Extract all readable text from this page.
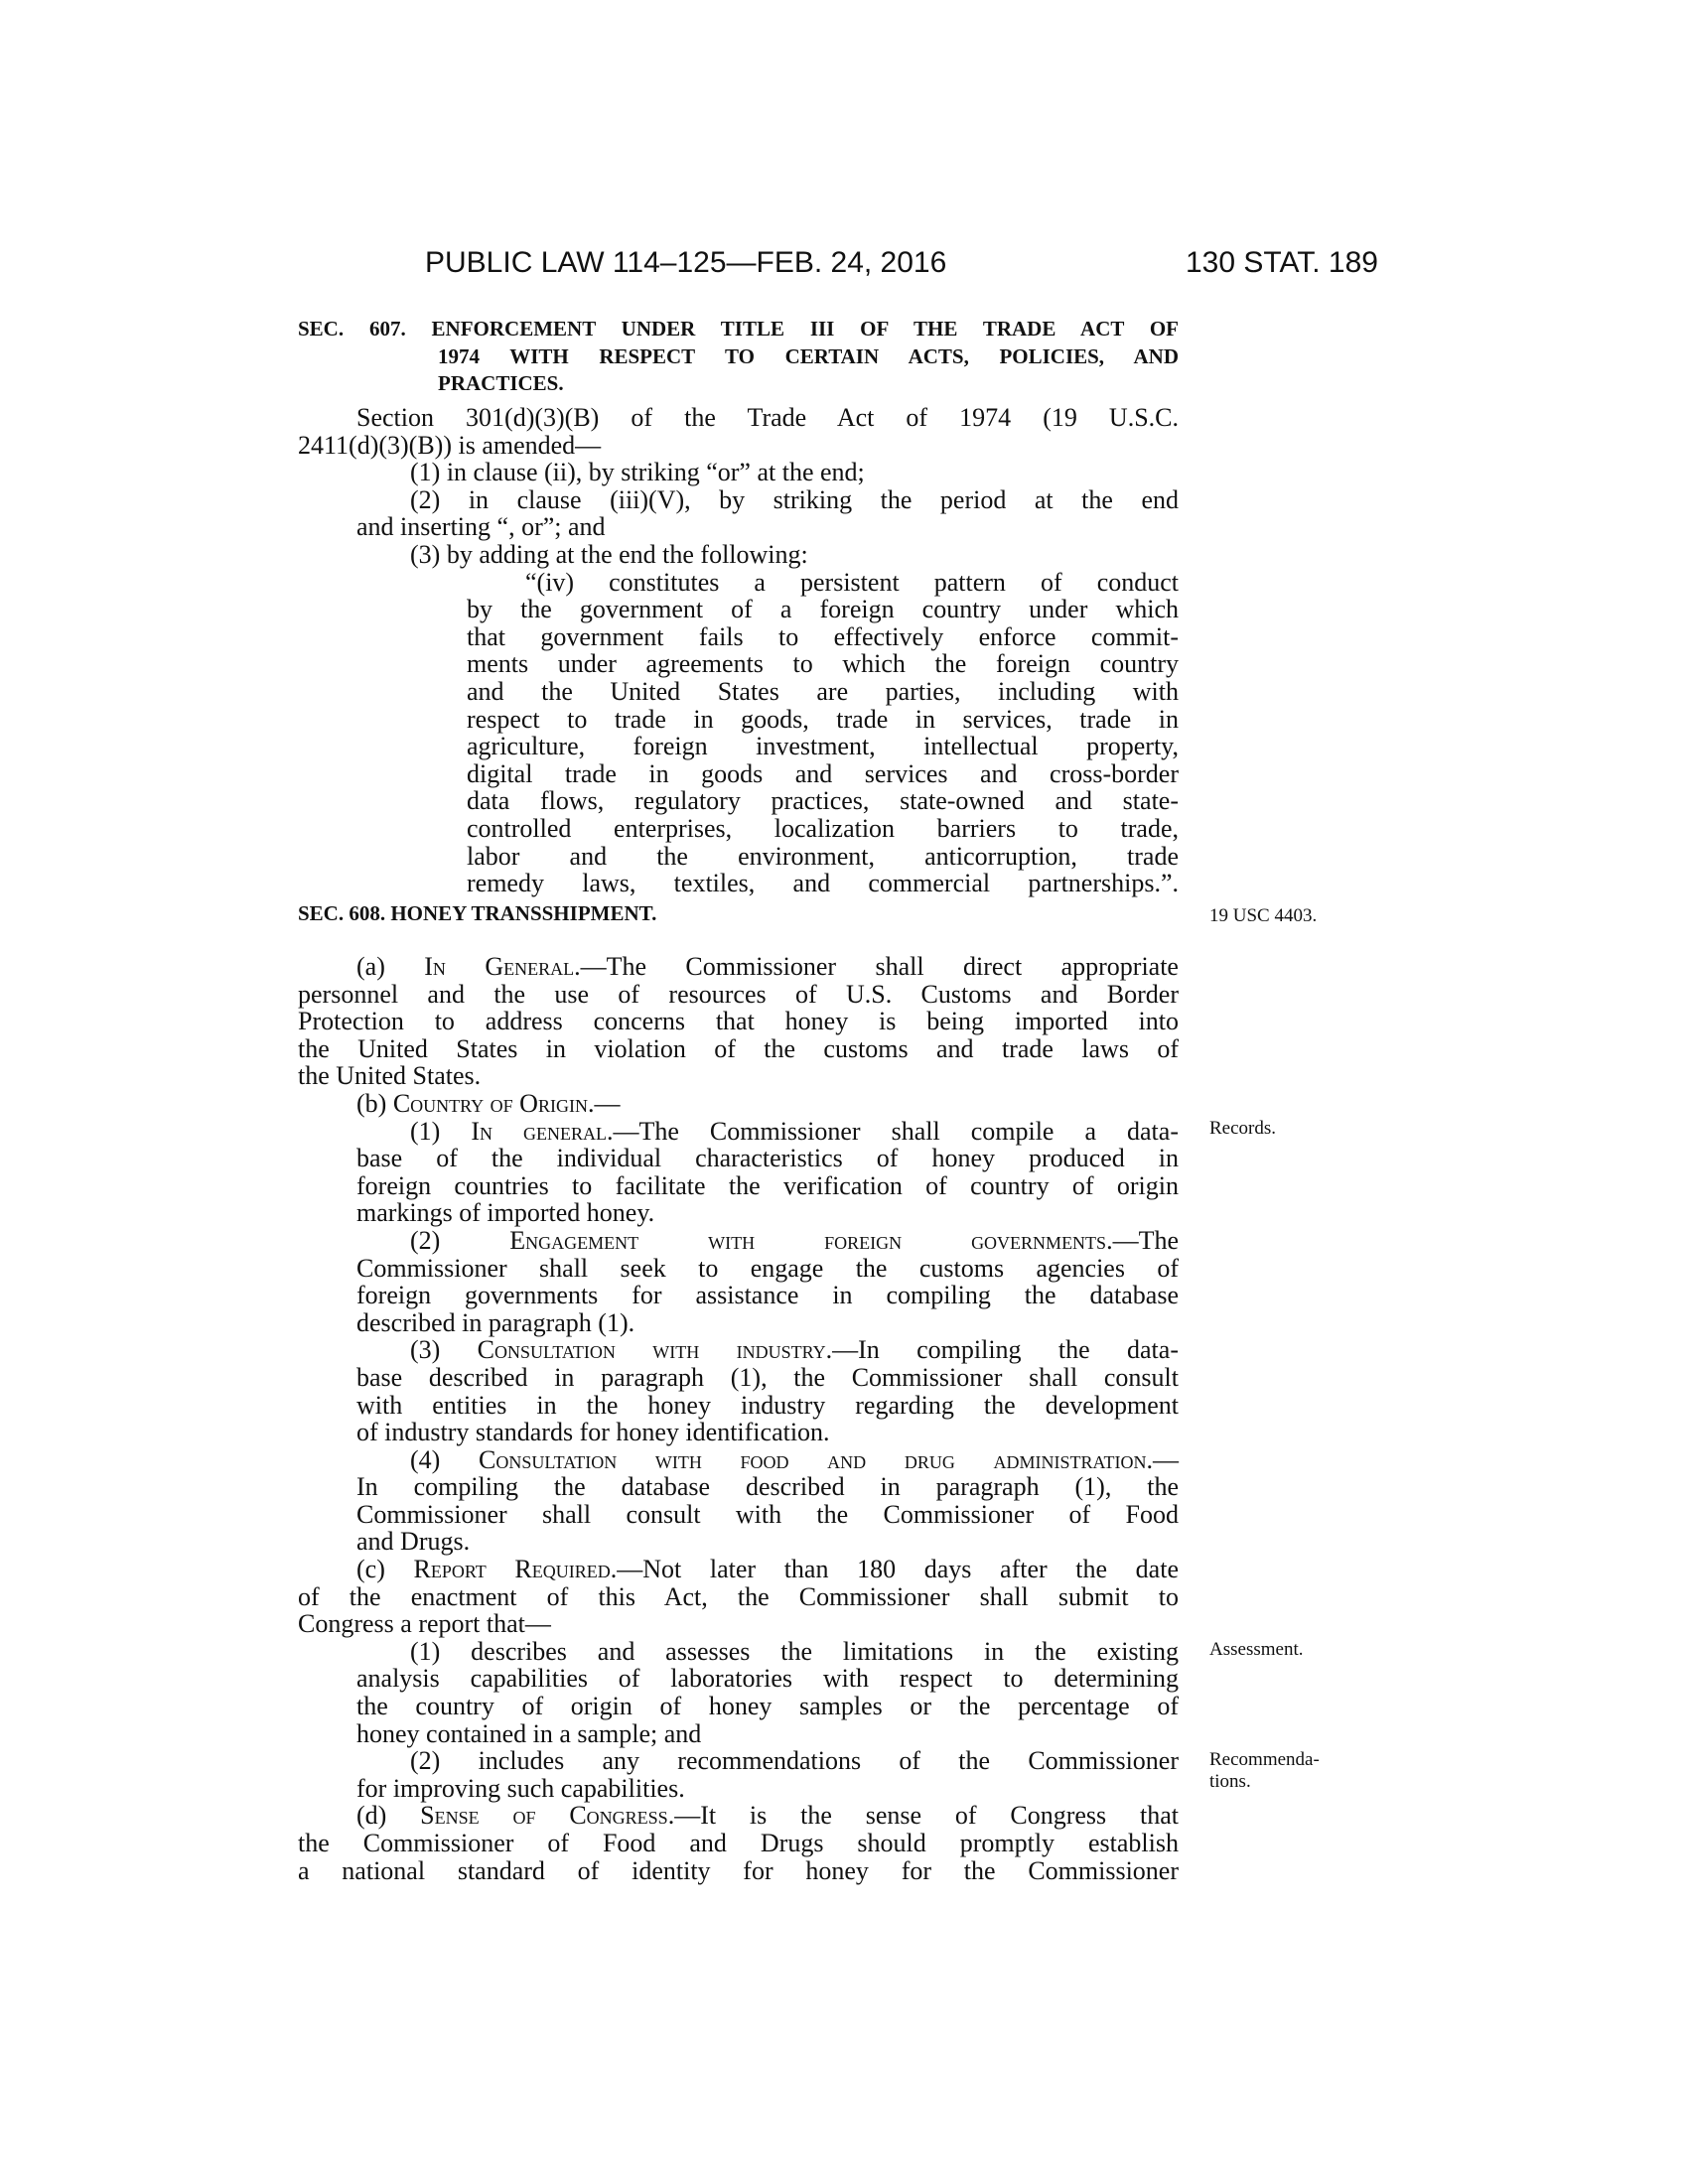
PUBLIC LAW 114–125—FEB. 24, 2016	130 STAT. 189
SEC. 607. ENFORCEMENT UNDER TITLE III OF THE TRADE ACT OF
1974 WITH RESPECT TO CERTAIN ACTS, POLICIES, AND
PRACTICES.

Section 301(d)(3)(B) of the Trade Act of 1974 (19 U.S.C.

2411(d)(3)(B)) is amended—

(1) in clause (ii), by striking “or” at the end;

(2) in clause (iii)(V), by striking the period at the end

and inserting “, or”; and

(3) by adding at the end the following:

“(iv) constitutes a persistent pattern of conduct

by the government of a foreign country under which

that government fails to effectively enforce commit-

ments under agreements to which the foreign country

and the United States are parties, including with

respect to trade in goods, trade in services, trade in

agriculture, foreign investment, intellectual property,

digital trade in goods and services and cross-border

data flows, regulatory practices, state-owned and state-

controlled enterprises, localization barriers to trade,

labor and the environment, anticorruption, trade

remedy laws, textiles, and commercial partnerships.”.

SEC. 608. HONEY TRANSSHIPMENT.	19 USC 4403.

(a) In General.—The Commissioner shall direct appropriate

personnel and the use of resources of U.S. Customs and Border

Protection to address concerns that honey is being imported into

the United States in violation of the customs and trade laws of

the United States.

(b) Country of Origin.—

(1) In general.—The Commissioner shall compile a data-

base of the individual characteristics of honey produced in

foreign countries to facilitate the verification of country of origin

markings of imported honey.

(2) Engagement with foreign governments.—The

Commissioner shall seek to engage the customs agencies of

foreign governments for assistance in compiling the database

described in paragraph (1).

(3) Consultation with industry.—In compiling the data-

base described in paragraph (1), the Commissioner shall consult

with entities in the honey industry regarding the development

of industry standards for honey identification.

(4) Consultation with food and drug administration.—

In compiling the database described in paragraph (1), the

Commissioner shall consult with the Commissioner of Food

and Drugs.

(c) Report Required.—Not later than 180 days after the date

of the enactment of this Act, the Commissioner shall submit to

Congress a report that—

(1) describes and assesses the limitations in the existing

analysis capabilities of laboratories with respect to determining

the country of origin of honey samples or the percentage of

honey contained in a sample; and

(2) includes any recommendations of the Commissioner

for improving such capabilities.

(d) Sense of Congress.—It is the sense of Congress that

the Commissioner of Food and Drugs should promptly establish

a national standard of identity for honey for the Commissioner

Records.
Assessment.
Recommenda-
tions.
